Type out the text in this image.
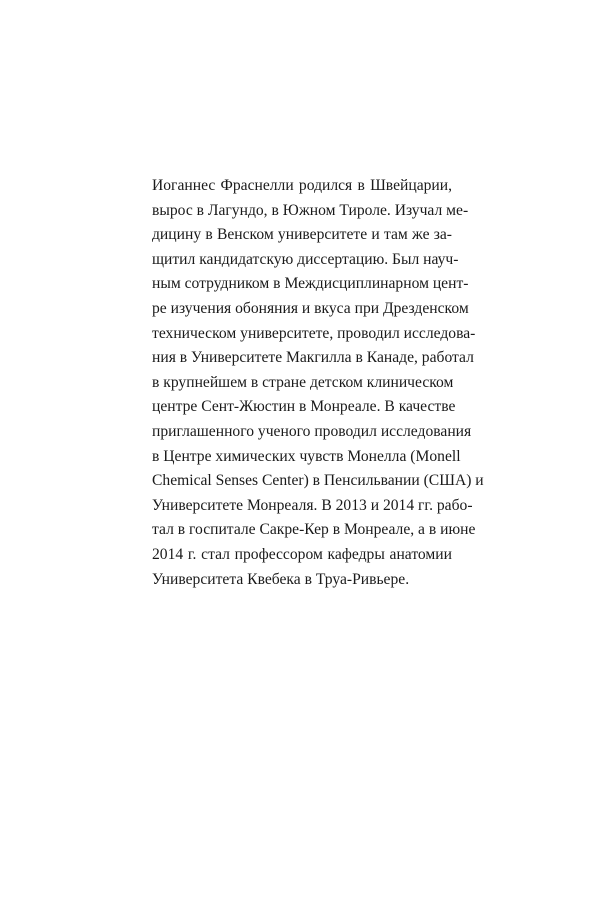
Иоганнес Фраснелли родился в Швейцарии,
вырос в Лагундо, в Южном Тироле. Изучал ме-
дицину в Венском университете и там же за-
щитил кандидатскую диссертацию. Был науч-
ным сотрудником в Междисциплинарном цент-
ре изучения обоняния и вкуса при Дрезденском
техническом университете, проводил исследова-
ния в Университете Макгилла в Канаде, работал
в крупнейшем в стране детском клиническом
центре Сент-Жюстин в Монреале. В качестве
приглашенного ученого проводил исследования
в Центре химических чувств Монелла (Monell
Chemical Senses Center) в Пенсильвании (США) и
Университете Монреаля. В 2013 и 2014 гг. рабо-
тал в госпитале Сакре-Кер в Монреале, а в июне
2014 г. стал профессором кафедры анатомии
Университета Квебека в Труа-Ривьере.
